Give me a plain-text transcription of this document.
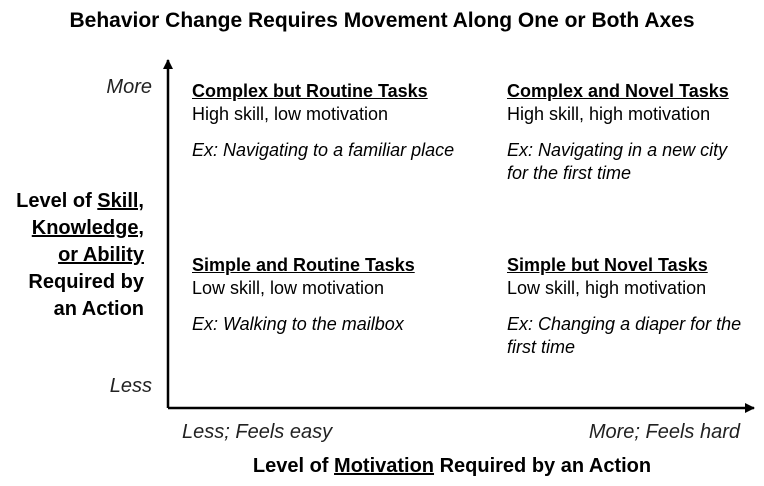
Behavior Change Requires Movement Along One or Both Axes
Level of Skill,
Knowledge,
or Ability
Required by
an Action
More
Less
Less; Feels easy	More; Feels hard
Level of Motivation Required by an Action
Complex but Routine Tasks
High skill, low motivation
Ex: Navigating to a familiar place
Complex and Novel Tasks
High skill, high motivation
Ex: Navigating in a new city for the first time
Simple and Routine Tasks
Low skill, low motivation
Ex: Walking to the mailbox
Simple but Novel Tasks
Low skill, high motivation
Ex: Changing a diaper for the first time
